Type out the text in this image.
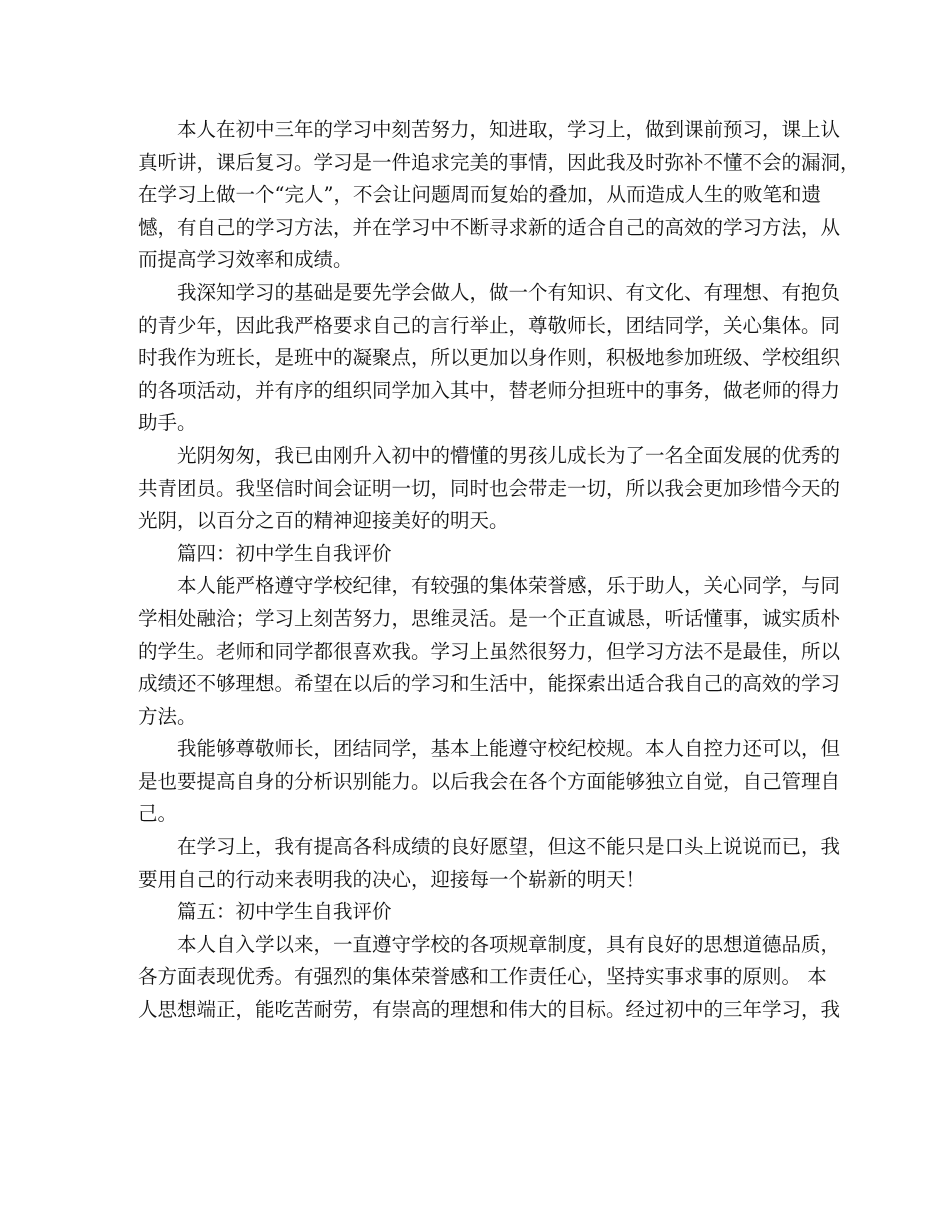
本人在初中三年的学习中刻苦努力，知进取，学习上，做到课前预习，课上认
真听讲，课后复习。学习是一件追求完美的事情，因此我及时弥补不懂不会的漏洞，
在学习上做一个“完人”，不会让问题周而复始的叠加，从而造成人生的败笔和遗
憾，有自己的学习方法，并在学习中不断寻求新的适合自己的高效的学习方法，从
而提高学习效率和成绩。
我深知学习的基础是要先学会做人，做一个有知识、有文化、有理想、有抱负
的青少年，因此我严格要求自己的言行举止，尊敬师长，团结同学，关心集体。同
时我作为班长，是班中的凝聚点，所以更加以身作则，积极地参加班级、学校组织
的各项活动，并有序的组织同学加入其中，替老师分担班中的事务，做老师的得力
助手。
光阴匆匆，我已由刚升入初中的懵懂的男孩儿成长为了一名全面发展的优秀的
共青团员。我坚信时间会证明一切，同时也会带走一切，所以我会更加珍惜今天的
光阴，以百分之百的精神迎接美好的明天。
篇四：初中学生自我评价
本人能严格遵守学校纪律，有较强的集体荣誉感，乐于助人，关心同学，与同
学相处融洽；学习上刻苦努力，思维灵活。是一个正直诚恳，听话懂事，诚实质朴
的学生。老师和同学都很喜欢我。学习上虽然很努力，但学习方法不是最佳，所以
成绩还不够理想。希望在以后的学习和生活中，能探索出适合我自己的高效的学习
方法。
我能够尊敬师长，团结同学，基本上能遵守校纪校规。本人自控力还可以，但
是也要提高自身的分析识别能力。以后我会在各个方面能够独立自觉，自己管理自
己。
在学习上，我有提高各科成绩的良好愿望，但这不能只是口头上说说而已，我
要用自己的行动来表明我的决心，迎接每一个崭新的明天！
篇五：初中学生自我评价
本人自入学以来，一直遵守学校的各项规章制度，具有良好的思想道德品质，
各方面表现优秀。有强烈的集体荣誉感和工作责任心，坚持实事求事的原则。 本
人思想端正，能吃苦耐劳，有崇高的理想和伟大的目标。经过初中的三年学习，我
